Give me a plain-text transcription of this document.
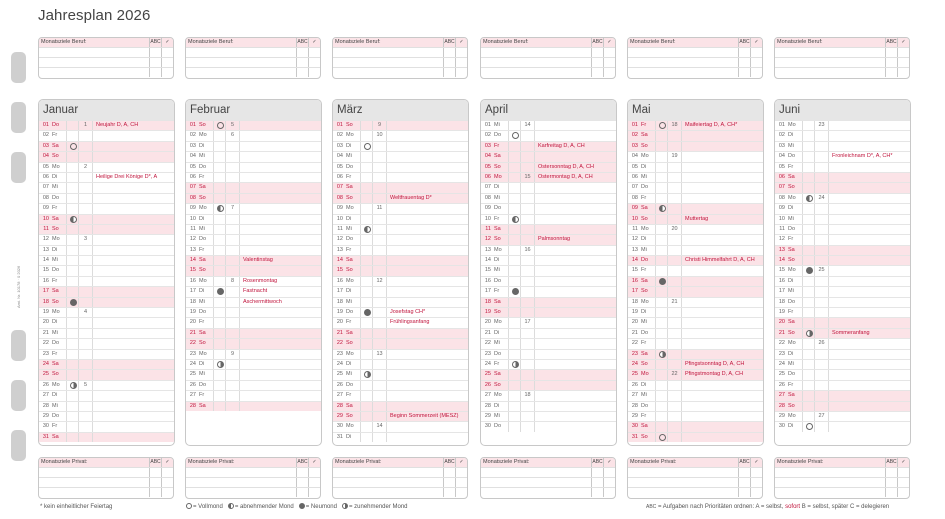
Jahresplan 2026
Ami. Nr. 10178 · 0 2026
Monatsziele Beruf:	ABC ✓
Monatsziele Privat:	ABC ✓
Januar
01 Do	1	Neujahr D, A, CH
02 Fr
03 Sa
04 So
05 Mo	2
06 Di	Heilige Drei Könige D*, A
07 Mi
08 Do
09 Fr
10 Sa
11 So
12 Mo	3
13 Di
14 Mi
15 Do
16 Fr
17 Sa
18 So
19 Mo	4
20 Di
21 Mi
22 Do
23 Fr
24 Sa
25 So
26 Mo	5
27 Di
28 Mi
29 Do
30 Fr
31 Sa
Monatsziele Beruf:	ABC ✓
Monatsziele Privat:	ABC ✓
Februar
01 So	5
02 Mo	6
03 Di
04 Mi
05 Do
06 Fr
07 Sa
08 So
09 Mo	7
10 Di
11 Mi
12 Do
13 Fr
14 Sa	Valentinstag
15 So
16 Mo	8	Rosenmontag
17 Di	Fastnacht
18 Mi	Aschermittwoch
19 Do
20 Fr
21 Sa
22 So
23 Mo	9
24 Di
25 Mi
26 Do
27 Fr
28 Sa
Monatsziele Beruf:	ABC ✓
Monatsziele Privat:	ABC ✓
März
01 So	9
02 Mo	10
03 Di
04 Mi
05 Do
06 Fr
07 Sa
08 So	Weltfrauentag D*
09 Mo	11
10 Di
11 Mi
12 Do
13 Fr
14 Sa
15 So
16 Mo	12
17 Di
18 Mi
19 Do	Josefstag CH*
20 Fr	Frühlingsanfang
21 Sa
22 So
23 Mo	13
24 Di
25 Mi
26 Do
27 Fr
28 Sa
29 So	Beginn Sommerzeit (MESZ)
30 Mo	14
31 Di
Monatsziele Beruf:	ABC ✓
Monatsziele Privat:	ABC ✓
April
01 Mi	14
02 Do
03 Fr	Karfreitag D, A, CH
04 Sa
05 So	Ostersonntag D, A, CH
06 Mo	15	Ostermontag D, A, CH
07 Di
08 Mi
09 Do
10 Fr
11 Sa
12 So	Palmsonntag
13 Mo	16
14 Di
15 Mi
16 Do
17 Fr
18 Sa
19 So
20 Mo	17
21 Di
22 Mi
23 Do
24 Fr
25 Sa
26 So
27 Mo	18
28 Di
29 Mi
30 Do
Monatsziele Beruf:	ABC ✓
Monatsziele Privat:	ABC ✓
Mai
01 Fr	18	Maifeiertag D, A, CH*
02 Sa
03 So
04 Mo	19
05 Di
06 Mi
07 Do
08 Fr
09 Sa
10 So	Muttertag
11 Mo	20
12 Di
13 Mi
14 Do	Christi Himmelfahrt D, A, CH
15 Fr
16 Sa
17 So
18 Mo	21
19 Di
20 Mi
21 Do
22 Fr
23 Sa
24 So	Pfingstsonntag D, A, CH
25 Mo	22	Pfingstmontag D, A, CH
26 Di
27 Mi
28 Do
29 Fr
30 Sa
31 So
Monatsziele Beruf:	ABC ✓
Monatsziele Privat:	ABC ✓
Juni
01 Mo	23
02 Di
03 Mi
04 Do	Fronleichnam D*, A, CH*
05 Fr
06 Sa
07 So
08 Mo	24
09 Di
10 Mi
11 Do
12 Fr
13 Sa
14 So
15 Mo	25
16 Di
17 Mi
18 Do
19 Fr
20 Sa
21 So	Sommeranfang
22 Mo	26
23 Di
24 Mi
25 Do
26 Fr
27 Sa
28 So
29 Mo	27
30 Di
* kein einheitlicher Feiertag	= Vollmond = abnehmender Mond = Neumond = zunehmender Mond	ABC = Aufgaben nach Prioritäten ordnen: A = selbst, sofort B = selbst, später C = delegieren
